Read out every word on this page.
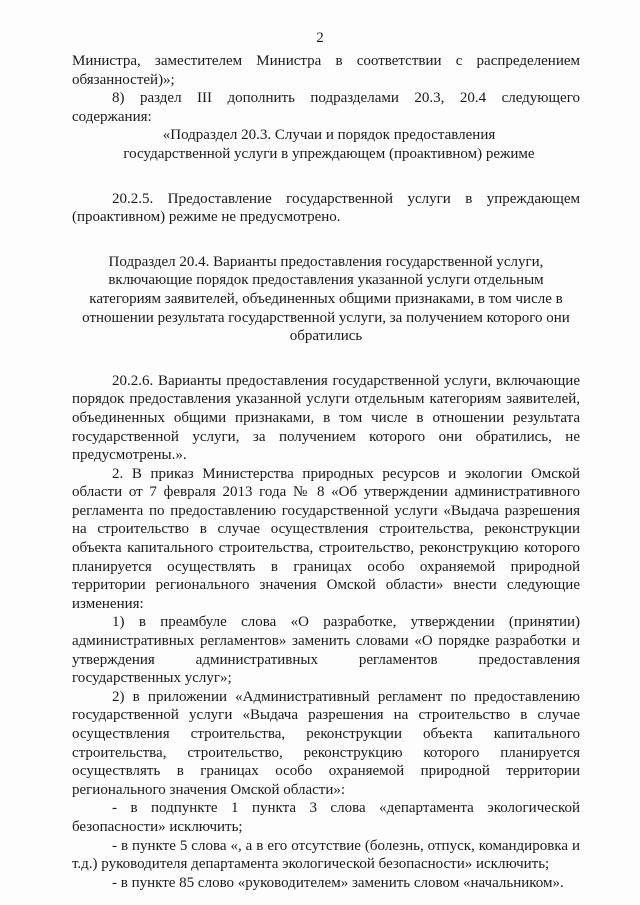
2

Министра, заместителем Министра в соответствии с распределением обязанностей)»;

8) раздел III дополнить подразделами 20.3, 20.4 следующего содержания:

«Подраздел 20.3. Случаи и порядок предоставления государственной услуги в упреждающем (проактивном) режиме

20.2.5. Предоставление государственной услуги в упреждающем (проактивном) режиме не предусмотрено.

Подраздел 20.4. Варианты предоставления государственной услуги, включающие порядок предоставления указанной услуги отдельным категориям заявителей, объединенных общими признаками, в том числе в отношении результата государственной услуги, за получением которого они обратились

20.2.6. Варианты предоставления государственной услуги, включающие порядок предоставления указанной услуги отдельным категориям заявителей, объединенных общими признаками, в том числе в отношении результата государственной услуги, за получением которого они обратились, не предусмотрены.».

2. В приказ Министерства природных ресурсов и экологии Омской области от 7 февраля 2013 года № 8 «Об утверждении административного регламента по предоставлению государственной услуги «Выдача разрешения на строительство в случае осуществления строительства, реконструкции объекта капитального строительства, строительство, реконструкцию которого планируется осуществлять в границах особо охраняемой природной территории регионального значения Омской области» внести следующие изменения:

1) в преамбуле слова «О разработке, утверждении (принятии) административных регламентов» заменить словами «О порядке разработки и утверждения административных регламентов предоставления государственных услуг»;

2) в приложении «Административный регламент по предоставлению государственной услуги «Выдача разрешения на строительство в случае осуществления строительства, реконструкции объекта капитального строительства, строительство, реконструкцию которого планируется осуществлять в границах особо охраняемой природной территории регионального значения Омской области»:

- в подпункте 1 пункта 3 слова «департамента экологической безопасности» исключить;

- в пункте 5 слова «, а в его отсутствие (болезнь, отпуск, командировка и т.д.) руководителя департамента экологической безопасности» исключить;

- в пункте 85 слово «руководителем» заменить словом «начальником».
